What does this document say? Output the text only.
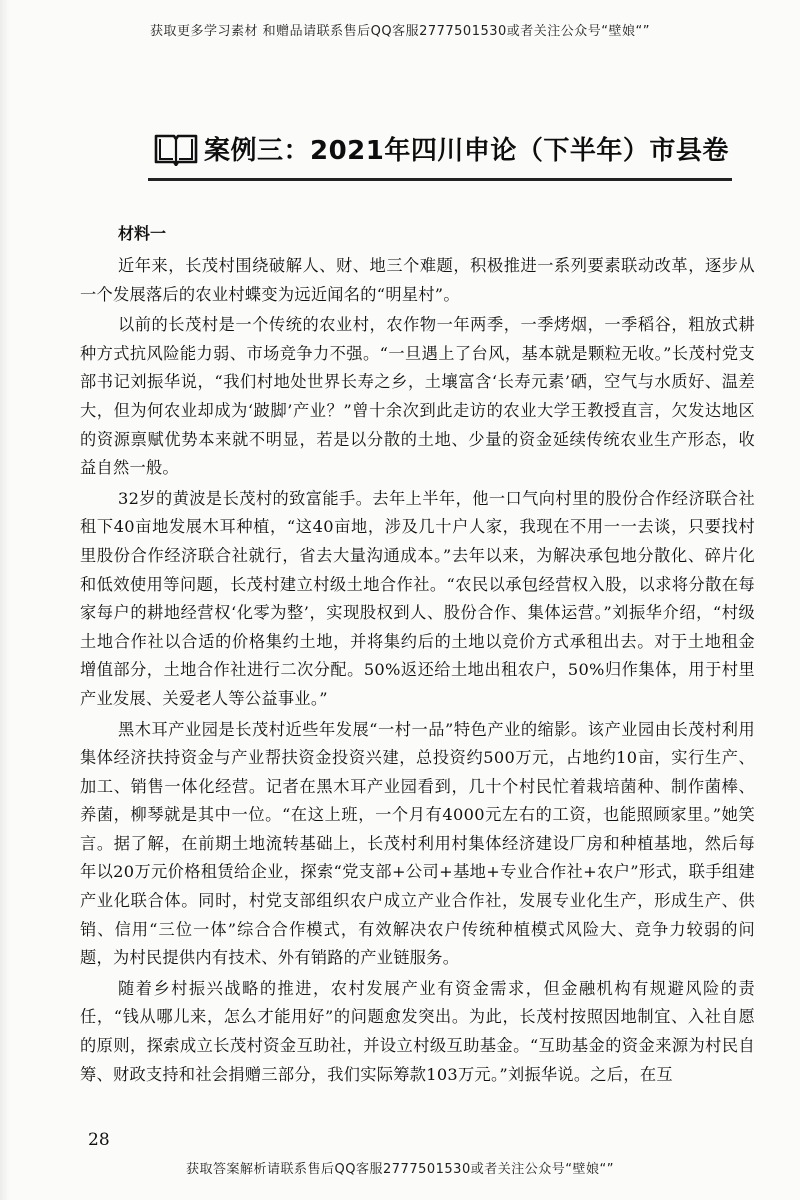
获取更多学习素材 和赠品请联系售后QQ客服2777501530或者关注公众号“壁娘“”
案例三：2021年四川申论（下半年）市县卷
材料一

近年来，长茂村围绕破解人、财、地三个难题，积极推进一系列要素联动改革，逐步从一个发展落后的农业村蝶变为远近闻名的“明星村”。

以前的长茂村是一个传统的农业村，农作物一年两季，一季烤烟，一季稻谷，粗放式耕种方式抗风险能力弱、市场竞争力不强。“一旦遇上了台风，基本就是颗粒无收。”长茂村党支部书记刘振华说，“我们村地处世界长寿之乡，土壤富含‘长寿元素’硒，空气与水质好、温差大，但为何农业却成为‘跛脚’产业？”曾十余次到此走访的农业大学王教授直言，欠发达地区的资源禀赋优势本来就不明显，若是以分散的土地、少量的资金延续传统农业生产形态，收益自然一般。

32岁的黄波是长茂村的致富能手。去年上半年，他一口气向村里的股份合作经济联合社租下40亩地发展木耳种植，“这40亩地，涉及几十户人家，我现在不用一一去谈，只要找村里股份合作经济联合社就行，省去大量沟通成本。”去年以来，为解决承包地分散化、碎片化和低效使用等问题，长茂村建立村级土地合作社。“农民以承包经营权入股，以求将分散在每家每户的耕地经营权‘化零为整’，实现股权到人、股份合作、集体运营。”刘振华介绍，“村级土地合作社以合适的价格集约土地，并将集约后的土地以竞价方式承租出去。对于土地租金增值部分，土地合作社进行二次分配。50%返还给土地出租农户，50%归作集体，用于村里产业发展、关爱老人等公益事业。”

黑木耳产业园是长茂村近些年发展“一村一品”特色产业的缩影。该产业园由长茂村利用集体经济扶持资金与产业帮扶资金投资兴建，总投资约500万元，占地约10亩，实行生产、加工、销售一体化经营。记者在黑木耳产业园看到，几十个村民忙着栽培菌种、制作菌棒、养菌，柳琴就是其中一位。“在这上班，一个月有4000元左右的工资，也能照顾家里。”她笑言。据了解，在前期土地流转基础上，长茂村利用村集体经济建设厂房和种植基地，然后每年以20万元价格租赁给企业，探索“党支部+公司+基地+专业合作社+农户”形式，联手组建产业化联合体。同时，村党支部组织农户成立产业合作社，发展专业化生产，形成生产、供销、信用“三位一体”综合合作模式，有效解决农户传统种植模式风险大、竞争力较弱的问题，为村民提供内有技术、外有销路的产业链服务。

随着乡村振兴战略的推进，农村发展产业有资金需求，但金融机构有规避风险的责任，“钱从哪儿来，怎么才能用好”的问题愈发突出。为此，长茂村按照因地制宜、入社自愿的原则，探索成立长茂村资金互助社，并设立村级互助基金。“互助基金的资金来源为村民自筹、财政支持和社会捐赠三部分，我们实际筹款103万元。”刘振华说。之后，在互

28
获取答案解析请联系售后QQ客服2777501530或者关注公众号“壁娘“”
